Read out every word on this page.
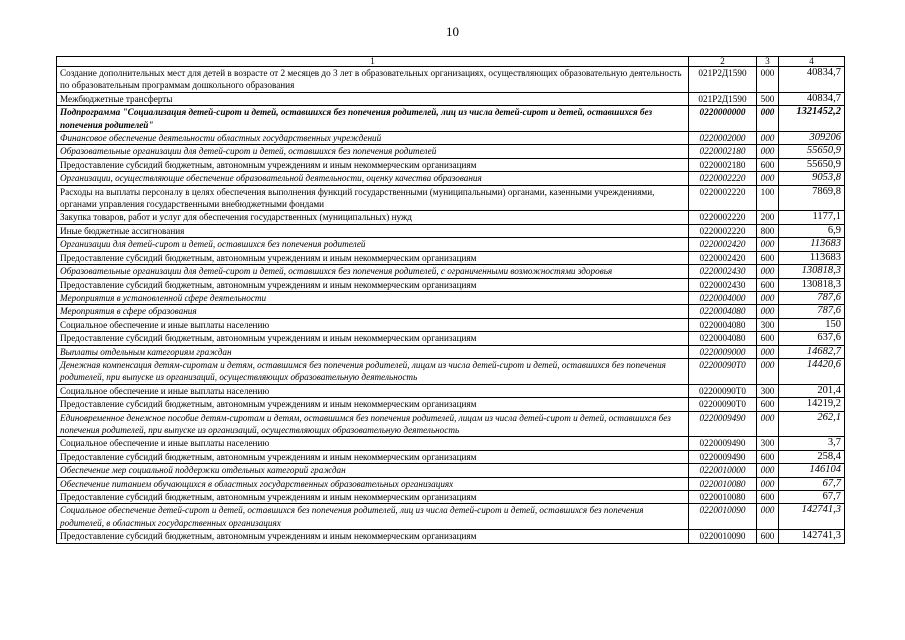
10
1	2	3	4
Создание дополнительных мест для детей в возрасте от 2 месяцев до 3 лет в образовательных организациях, осуществляющих образовательную деятельность по образовательным программам дошкольного образования	021Р2Д1590	000	40834,7
Межбюджетные трансферты	021Р2Д1590	500	40834,7
Подпрограмма "Социализация детей-сирот и детей, оставшихся без попечения родителей, лиц из числа детей-сирот и детей, оставшихся без попечения родителей"	0220000000	000	1321452,2
Финансовое обеспечение деятельности областных государственных учреждений	0220002000	000	309206
Образовательные организации для детей-сирот и детей, оставшихся без попечения родителей	0220002180	000	55650,9
Предоставление субсидий бюджетным, автономным учреждениям и иным некоммерческим организациям	0220002180	600	55650,9
Организации, осуществляющие обеспечение образовательной деятельности, оценку качества образования	0220002220	000	9053,8
Расходы на выплаты персоналу в целях обеспечения выполнения функций государственными (муниципальными) органами, казенными учреждениями, органами управления государственными внебюджетными фондами	0220002220	100	7869,8
Закупка товаров, работ и услуг для обеспечения государственных (муниципальных) нужд	0220002220	200	1177,1
Иные бюджетные ассигнования	0220002220	800	6,9
Организации для детей-сирот и детей, оставшихся без попечения родителей	0220002420	000	113683
Предоставление субсидий бюджетным, автономным учреждениям и иным некоммерческим организациям	0220002420	600	113683
Образовательные организации для детей-сирот и детей, оставшихся без попечения родителей, с ограниченными возможностями здоровья	0220002430	000	130818,3
Предоставление субсидий бюджетным, автономным учреждениям и иным некоммерческим организациям	0220002430	600	130818,3
Мероприятия в установленной сфере деятельности	0220004000	000	787,6
Мероприятия в сфере образования	0220004080	000	787,6
Социальное обеспечение и иные выплаты населению	0220004080	300	150
Предоставление субсидий бюджетным, автономным учреждениям и иным некоммерческим организациям	0220004080	600	637,6
Выплаты отдельным категориям граждан	0220009000	000	14682,7
Денежная компенсация детям-сиротам и детям, оставшимся без попечения родителей, лицам из числа детей-сирот и детей, оставшихся без попечения родителей, при выпуске из организаций, осуществляющих образовательную деятельность	02200090Т0	000	14420,6
Социальное обеспечение и иные выплаты населению	02200090Т0	300	201,4
Предоставление субсидий бюджетным, автономным учреждениям и иным некоммерческим организациям	02200090Т0	600	14219,2
Единовременное денежное пособие детям-сиротам и детям, оставшимся без попечения родителей, лицам из числа детей-сирот и детей, оставшихся без попечения родителей, при выпуске из организаций, осуществляющих образовательную деятельность	0220009490	000	262,1
Социальное обеспечение и иные выплаты населению	0220009490	300	3,7
Предоставление субсидий бюджетным, автономным учреждениям и иным некоммерческим организациям	0220009490	600	258,4
Обеспечение мер социальной поддержки отдельных категорий граждан	0220010000	000	146104
Обеспечение питанием обучающихся в областных государственных образовательных организациях	0220010080	000	67,7
Предоставление субсидий бюджетным, автономным учреждениям и иным некоммерческим организациям	0220010080	600	67,7
Социальное обеспечение детей-сирот и детей, оставшихся без попечения родителей, лиц из числа детей-сирот и детей, оставшихся без попечения родителей, в областных государственных организациях	0220010090	000	142741,3
Предоставление субсидий бюджетным, автономным учреждениям и иным некоммерческим организациям	0220010090	600	142741,3
